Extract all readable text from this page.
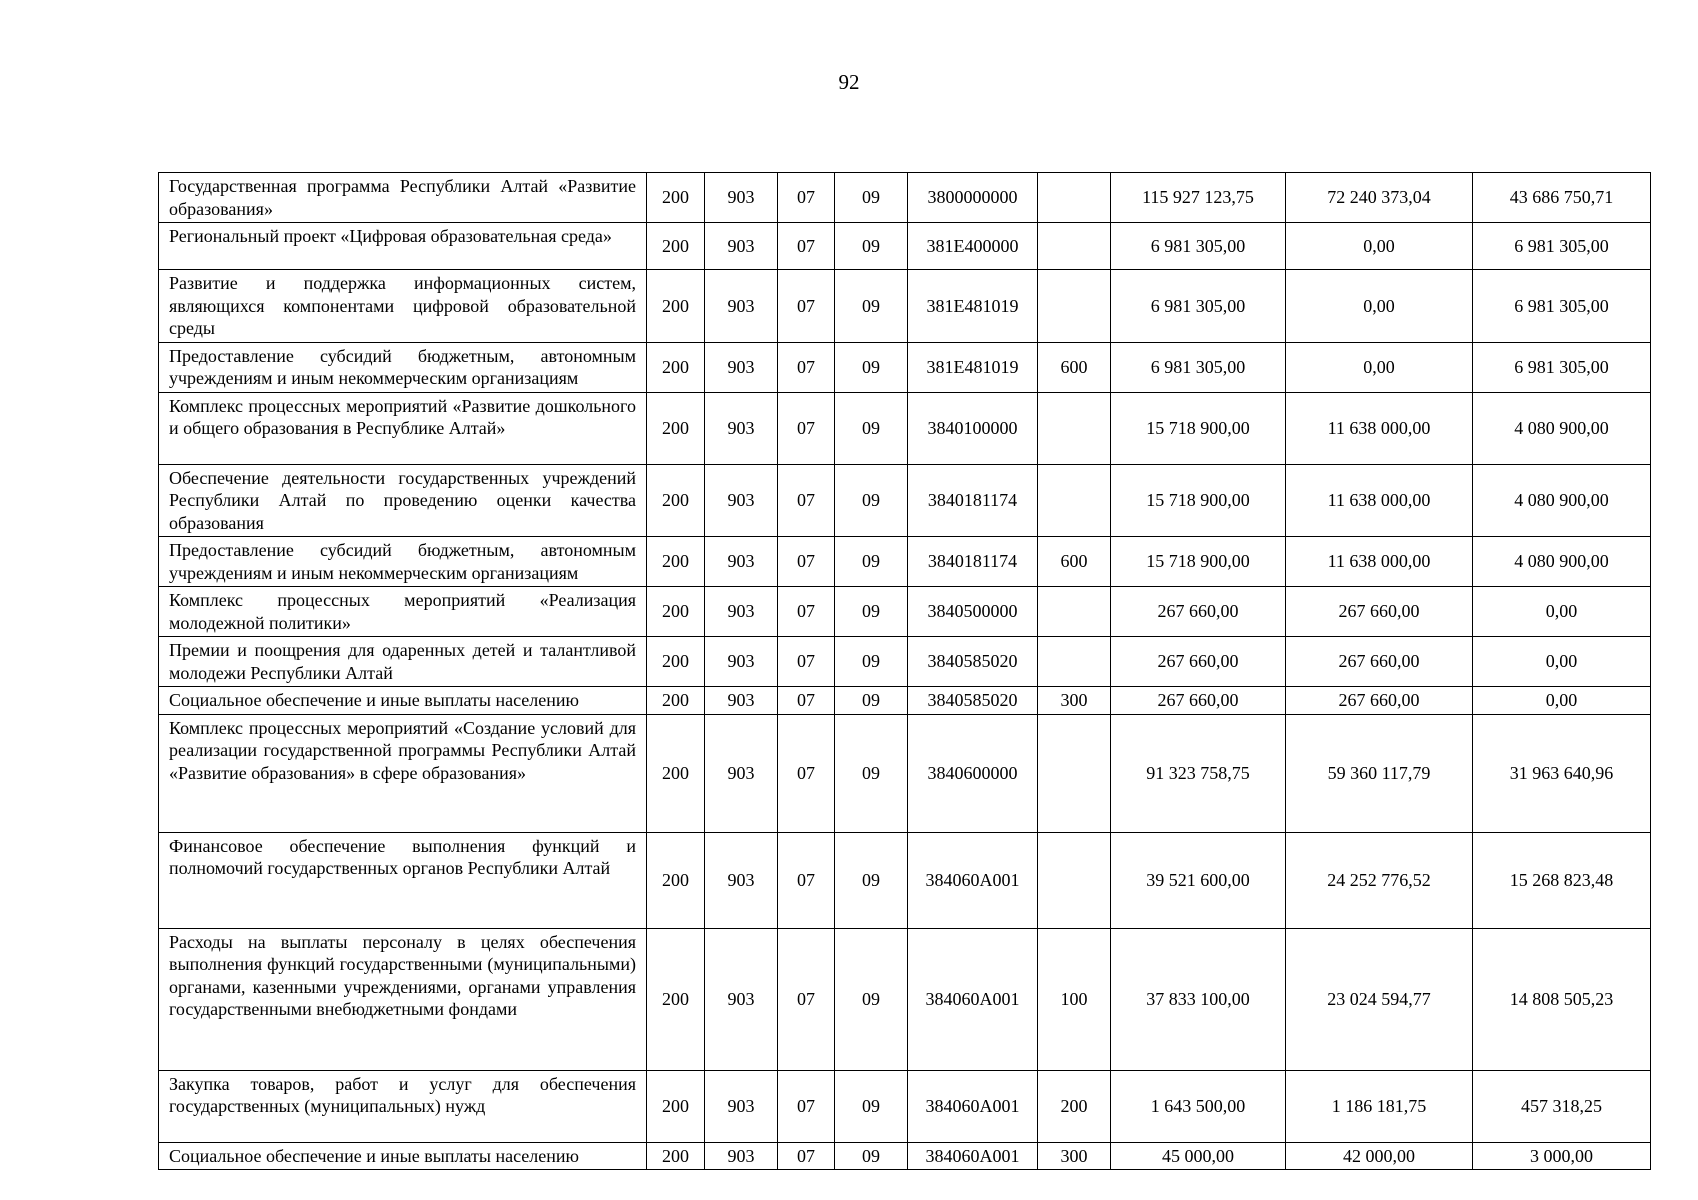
92
Государственная программа Республики Алтай «Развитие образования»	200	903	07	09	3800000000		115 927 123,75	72 240 373,04	43 686 750,71
Региональный проект «Цифровая образовательная среда»	200	903	07	09	381E400000		6 981 305,00	0,00	6 981 305,00
Развитие и поддержка информационных систем, являющихся компонентами цифровой образовательной среды	200	903	07	09	381E481019		6 981 305,00	0,00	6 981 305,00
Предоставление субсидий бюджетным, автономным учреждениям и иным некоммерческим организациям	200	903	07	09	381E481019	600	6 981 305,00	0,00	6 981 305,00
Комплекс процессных мероприятий «Развитие дошкольного и общего образования в Республике Алтай»	200	903	07	09	3840100000		15 718 900,00	11 638 000,00	4 080 900,00
Обеспечение деятельности государственных учреждений Республики Алтай по проведению оценки качества образования	200	903	07	09	3840181174		15 718 900,00	11 638 000,00	4 080 900,00
Предоставление субсидий бюджетным, автономным учреждениям и иным некоммерческим организациям	200	903	07	09	3840181174	600	15 718 900,00	11 638 000,00	4 080 900,00
Комплекс процессных мероприятий «Реализация молодежной политики»	200	903	07	09	3840500000		267 660,00	267 660,00	0,00
Премии и поощрения для одаренных детей и талантливой молодежи Республики Алтай	200	903	07	09	3840585020		267 660,00	267 660,00	0,00
Социальное обеспечение и иные выплаты населению	200	903	07	09	3840585020	300	267 660,00	267 660,00	0,00
Комплекс процессных мероприятий «Создание условий для реализации государственной программы Республики Алтай «Развитие образования» в сфере образования»	200	903	07	09	3840600000		91 323 758,75	59 360 117,79	31 963 640,96
Финансовое обеспечение выполнения функций и полномочий государственных органов Республики Алтай	200	903	07	09	384060А001		39 521 600,00	24 252 776,52	15 268 823,48
Расходы на выплаты персоналу в целях обеспечения выполнения функций государственными (муниципальными) органами, казенными учреждениями, органами управления государственными внебюджетными фондами	200	903	07	09	384060А001	100	37 833 100,00	23 024 594,77	14 808 505,23
Закупка товаров, работ и услуг для обеспечения государственных (муниципальных) нужд	200	903	07	09	384060А001	200	1 643 500,00	1 186 181,75	457 318,25
Социальное обеспечение и иные выплаты населению	200	903	07	09	384060А001	300	45 000,00	42 000,00	3 000,00
